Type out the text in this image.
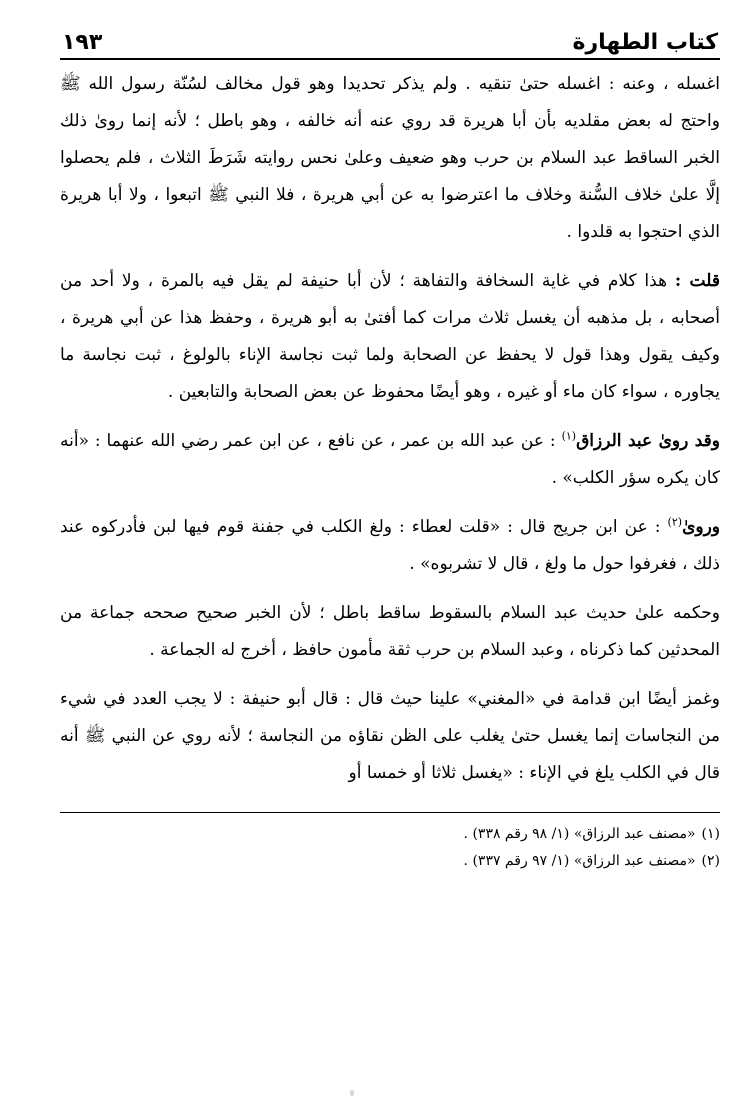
كتاب الطهارة
١٩٣

اغسله ، وعنه : اغسله حتىٰ تنقيه . ولم يذكر تحديدا وهو قول مخالف لسُنّة رسول الله ﷺ واحتج له بعض مقلديه بأن أبا هريرة قد روي عنه أنه خالفه ، وهو باطل ؛ لأنه إنما روىٰ ذلك الخبر الساقط عبد السلام بن حرب وهو ضعيف وعلىٰ نحس روايته شَرَطَ الثلاث ، فلم يحصلوا إلَّا علىٰ خلاف السُّنة وخلاف ما اعترضوا به عن أبي هريرة ، فلا النبي ﷺ اتبعوا ، ولا أبا هريرة الذي احتجوا به قلدوا .

قلت : هذا كلام في غاية السخافة والتفاهة ؛ لأن أبا حنيفة لم يقل فيه بالمرة ، ولا أحد من أصحابه ، بل مذهبه أن يغسل ثلاث مرات كما أفتىٰ به أبو هريرة ، وحفظ هذا عن أبي هريرة ، وكيف يقول وهذا قول لا يحفظ عن الصحابة ولما ثبت نجاسة الإناء بالولوغ ، ثبت نجاسة ما يجاوره ، سواء كان ماء أو غيره ، وهو أيضًا محفوظ عن بعض الصحابة والتابعين .

وقد روىٰ عبد الرزاق$^{(١)}$ : عن عبد الله بن عمر ، عن نافع ، عن ابن عمر رضي الله عنهما : «أنه كان يكره سؤر الكلب» .

وروىٰ$^{(٢)}$ : عن ابن جريج قال : «قلت لعطاء : ولغ الكلب في جفنة قوم فيها لبن فأدركوه عند ذلك ، فغرفوا حول ما ولغ ، قال لا تشربوه» .

وحكمه علىٰ حديث عبد السلام بالسقوط ساقط باطل ؛ لأن الخبر صحيح صححه جماعة من المحدثين كما ذكرناه ، وعبد السلام بن حرب ثقة مأمون حافظ ، أخرج له الجماعة .

وغمز أيضًا ابن قدامة في «المغني» علينا حيث قال : قال أبو حنيفة : لا يجب العدد في شيء من النجاسات إنما يغسل حتىٰ يغلب على الظن نقاؤه من النجاسة ؛ لأنه روي عن النبي ﷺ أنه قال في الكلب يلغ في الإناء : «يغسل ثلاثا أو خمسا أو

(١)«مصنف عبد الرزاق» (١/ ٩٨ رقم ٣٣٨) .

(٢)«مصنف عبد الرزاق» (١/ ٩٧ رقم ٣٣٧) .
